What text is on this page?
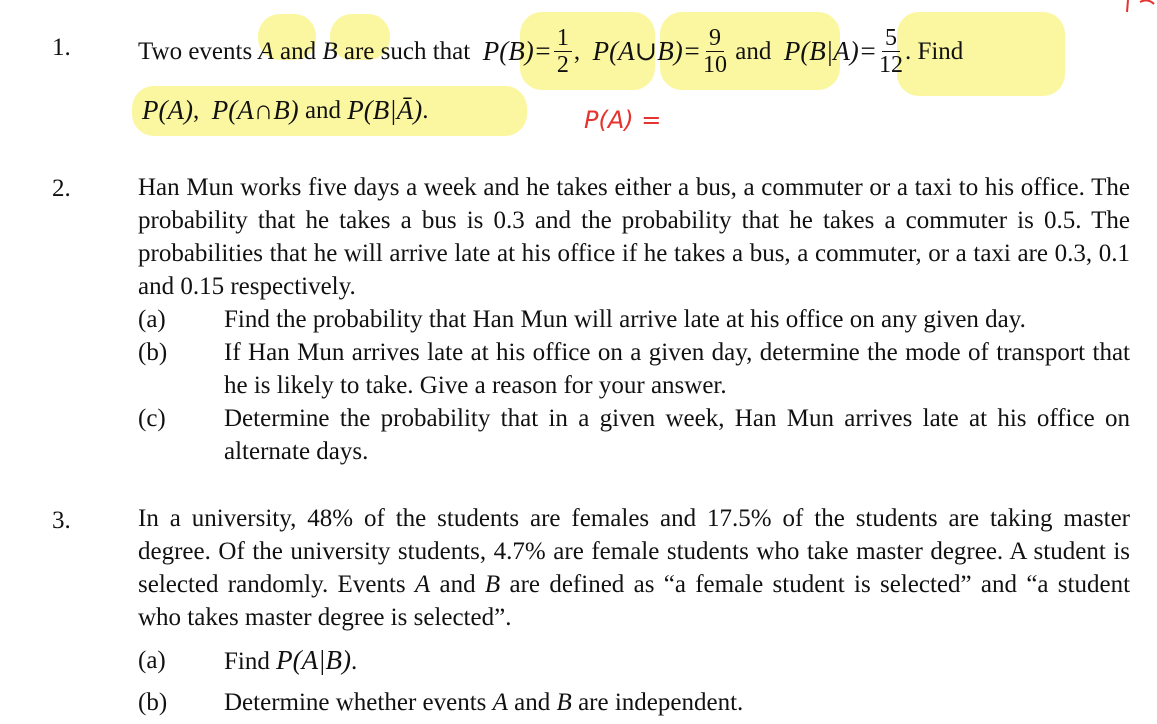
1.	Two events
A
and
B
are such that
$P(B)= \frac{1}{2}$ ,
P(A∪B)= $\frac{9}{10}$
and
$P(B|A)= \frac{5}{12}$ . Find
P(A) ,
P(A∩B)
and
P(B|Ā) .	P(A) =
2.	Han Mun works five days a week and he takes either a bus, a commuter or a taxi to his office. The probability that he takes a bus is 0.3 and the probability that he takes a commuter is 0.5. The probabilities that he will arrive late at his office if he takes a bus, a commuter, or a taxi are 0.3, 0.1 and 0.15 respectively.
(a)	Find the probability that Han Mun will arrive late at his office on any given day.
(b)	If Han Mun arrives late at his office on a given day, determine the mode of transport that he is likely to take. Give a reason for your answer.
(c)	Determine the probability that in a given week, Han Mun arrives late at his office on alternate days.
3.	In a university, 48% of the students are females and 17.5% of the students are taking master degree. Of the university students, 4.7% are female students who take master degree. A student is selected randomly. Events A and B are defined as “a female student is selected” and “a student who takes master degree is selected”.
(a)	Find P(A|B).
(b)	Determine whether events A and B are independent.
